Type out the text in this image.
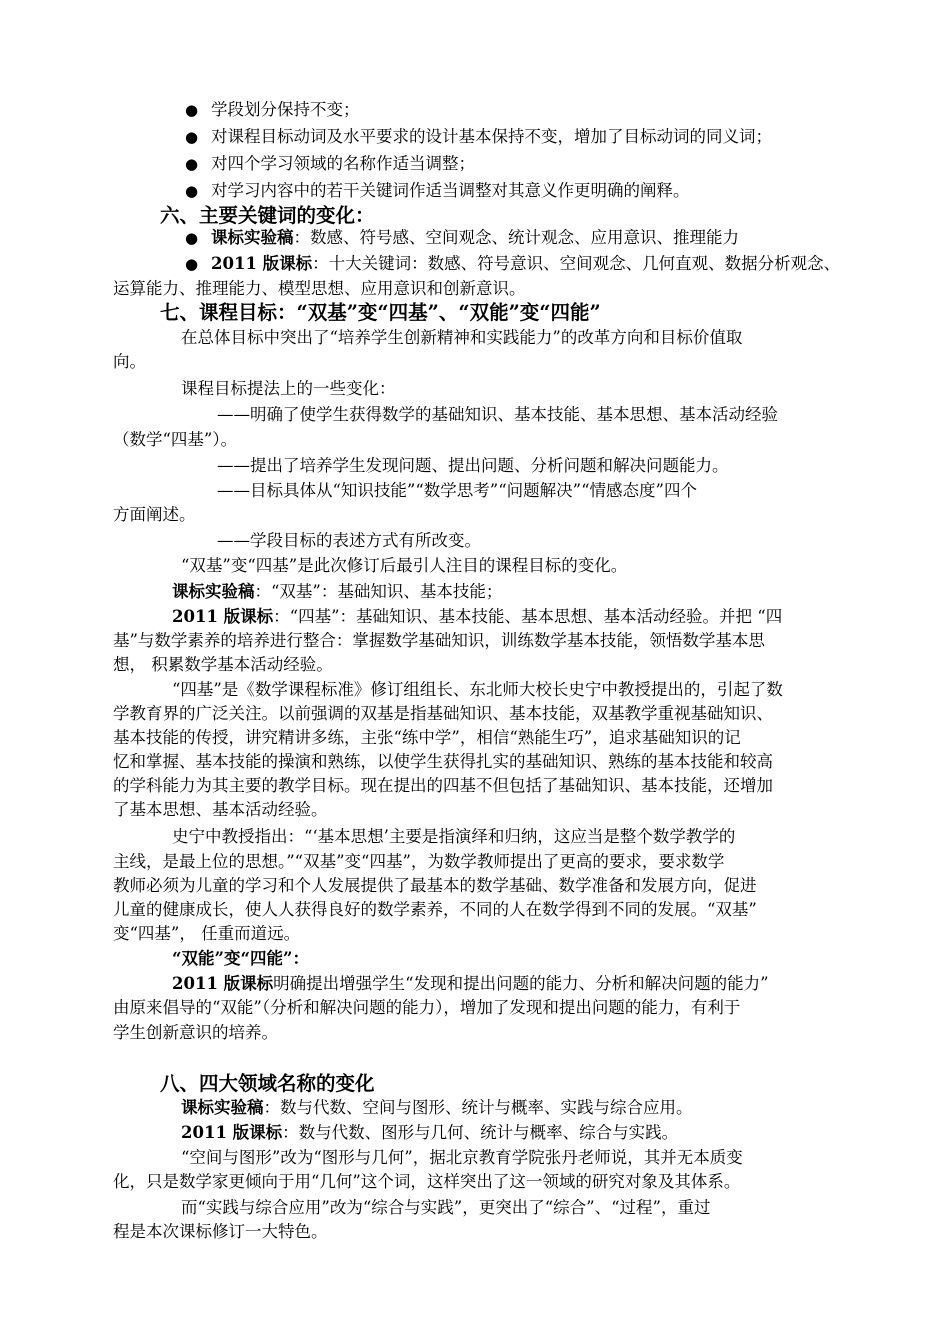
● 学段划分保持不变；
● 对课程目标动词及水平要求的设计基本保持不变，增加了目标动词的同义词；
● 对四个学习领域的名称作适当调整；
● 对学习内容中的若干关键词作适当调整对其意义作更明确的阐释。
六、主要关键词的变化：
● 课标实验稿：数感、符号感、空间观念、统计观念、应用意识、推理能力
● 2011 版课标：十大关键词：数感、符号意识、空间观念、几何直观、数据分析观念、
运算能力、推理能力、模型思想、应用意识和创新意识。
七、课程目标：“双基”变“四基”、“双能”变“四能”
在总体目标中突出了“培养学生创新精神和实践能力”的改革方向和目标价值取
向。
课程目标提法上的一些变化：
——明确了使学生获得数学的基础知识、基本技能、基本思想、基本活动经验
（数学“四基”）。
——提出了培养学生发现问题、提出问题、分析问题和解决问题能力。
——目标具体从“知识技能”“数学思考”“问题解决”“情感态度”四个
方面阐述。
——学段目标的表述方式有所改变。
“双基”变“四基”是此次修订后最引人注目的课程目标的变化。
课标实验稿：“双基”：基础知识、基本技能；
2011 版课标：“四基”：基础知识、基本技能、基本思想、基本活动经验。并把 “四
基”与数学素养的培养进行整合：掌握数学基础知识，训练数学基本技能，领悟数学基本思
想， 积累数学基本活动经验。
“四基”是《数学课程标准》修订组组长、东北师大校长史宁中教授提出的，引起了数
学教育界的广泛关注。以前强调的双基是指基础知识、基本技能，双基教学重视基础知识、
基本技能的传授，讲究精讲多练，主张“练中学”，相信“熟能生巧”，追求基础知识的记
忆和掌握、基本技能的操演和熟练，以使学生获得扎实的基础知识、熟练的基本技能和较高
的学科能力为其主要的教学目标。现在提出的四基不但包括了基础知识、基本技能，还增加
了基本思想、基本活动经验。
史宁中教授指出：“‘基本思想’主要是指演绎和归纳，这应当是整个数学教学的
主线，是最上位的思想。”“双基”变“四基”，为数学教师提出了更高的要求，要求数学
教师必须为儿童的学习和个人发展提供了最基本的数学基础、数学准备和发展方向，促进
儿童的健康成长，使人人获得良好的数学素养，不同的人在数学得到不同的发展。“双基”
变“四基”， 任重而道远。
“双能”变“四能”：
2011 版课标明确提出增强学生“发现和提出问题的能力、分析和解决问题的能力”
由原来倡导的“双能”（分析和解决问题的能力），增加了发现和提出问题的能力，有利于
学生创新意识的培养。
八、四大领域名称的变化
课标实验稿：数与代数、空间与图形、统计与概率、实践与综合应用。
2011 版课标：数与代数、图形与几何、统计与概率、综合与实践。
“空间与图形”改为“图形与几何”，据北京教育学院张丹老师说，其并无本质变
化，只是数学家更倾向于用“几何”这个词，这样突出了这一领域的研究对象及其体系。
而“实践与综合应用”改为“综合与实践”，更突出了“综合”、“过程”，重过
程是本次课标修订一大特色。
